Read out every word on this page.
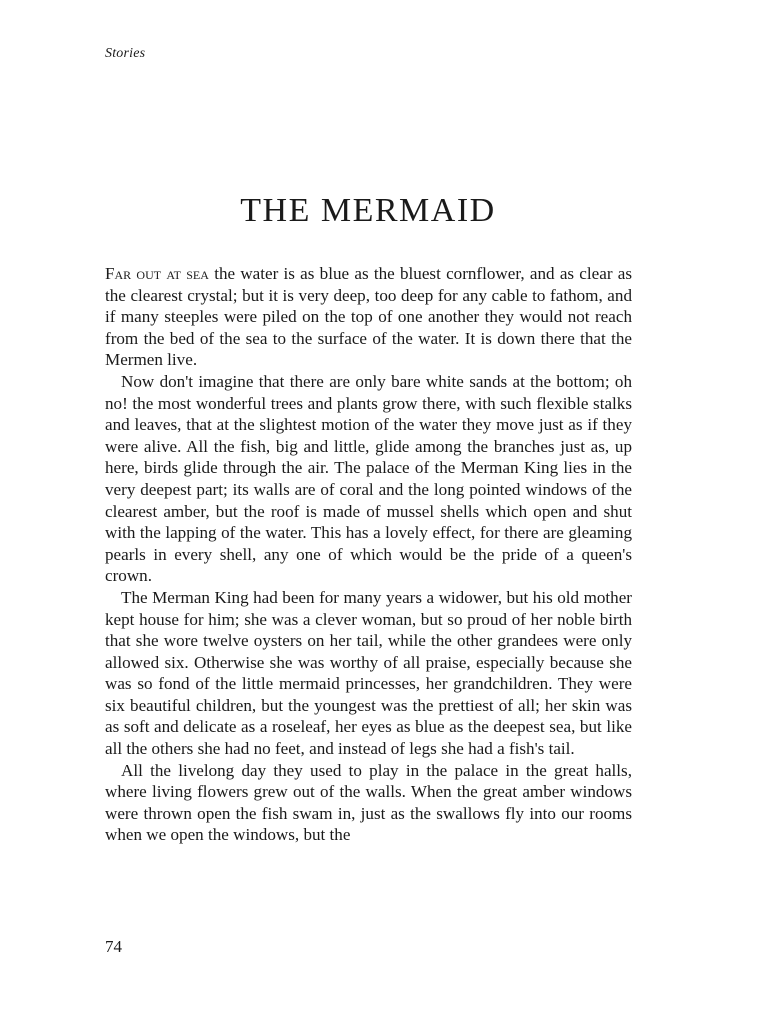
Stories
THE MERMAID

Far out at sea the water is as blue as the bluest cornflower, and as clear as the clearest crystal; but it is very deep, too deep for any cable to fathom, and if many steeples were piled on the top of one another they would not reach from the bed of the sea to the surface of the water. It is down there that the Mermen live.

Now don't imagine that there are only bare white sands at the bottom; oh no! the most wonderful trees and plants grow there, with such flexible stalks and leaves, that at the slightest motion of the water they move just as if they were alive. All the fish, big and little, glide among the branches just as, up here, birds glide through the air. The palace of the Merman King lies in the very deepest part; its walls are of coral and the long pointed windows of the clearest amber, but the roof is made of mussel shells which open and shut with the lapping of the water. This has a lovely effect, for there are gleaming pearls in every shell, any one of which would be the pride of a queen's crown.

The Merman King had been for many years a widower, but his old mother kept house for him; she was a clever woman, but so proud of her noble birth that she wore twelve oysters on her tail, while the other grandees were only allowed six. Otherwise she was worthy of all praise, especially because she was so fond of the little mermaid princesses, her grandchildren. They were six beautiful children, but the youngest was the prettiest of all; her skin was as soft and delicate as a roseleaf, her eyes as blue as the deepest sea, but like all the others she had no feet, and instead of legs she had a fish's tail.

All the livelong day they used to play in the palace in the great halls, where living flowers grew out of the walls. When the great amber windows were thrown open the fish swam in, just as the swallows fly into our rooms when we open the windows, but the

74
